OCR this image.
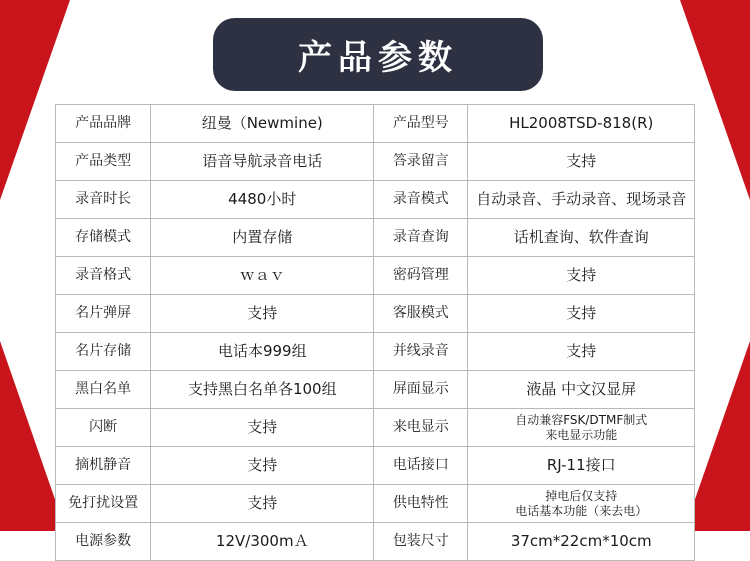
产品参数
产品品牌	纽曼（Newmine)	产品型号	HL2008TSD-818(R)

产品类型	语音导航录音电话	答录留言	支持

录音时长	4480小时	录音模式	自动录音、手动录音、现场录音

存储模式	内置存储	录音查询	话机查询、软件查询

录音格式	ｗａｖ	密码管理	支持

名片弹屏	支持	客服模式	支持

名片存储	电话本999组	并线录音	支持

黑白名单	支持黑白名单各100组	屏面显示	液晶 中文汉显屏

闪断	支持	来电显示	自动兼容FSK/DTMF制式
来电显示功能

摘机静音	支持	电话接口	RJ-11接口

免打扰设置	支持	供电特性	掉电后仅支持
电话基本功能（来去电）

电源参数	12V/300mＡ	包装尺寸	37cm*22cm*10cm
